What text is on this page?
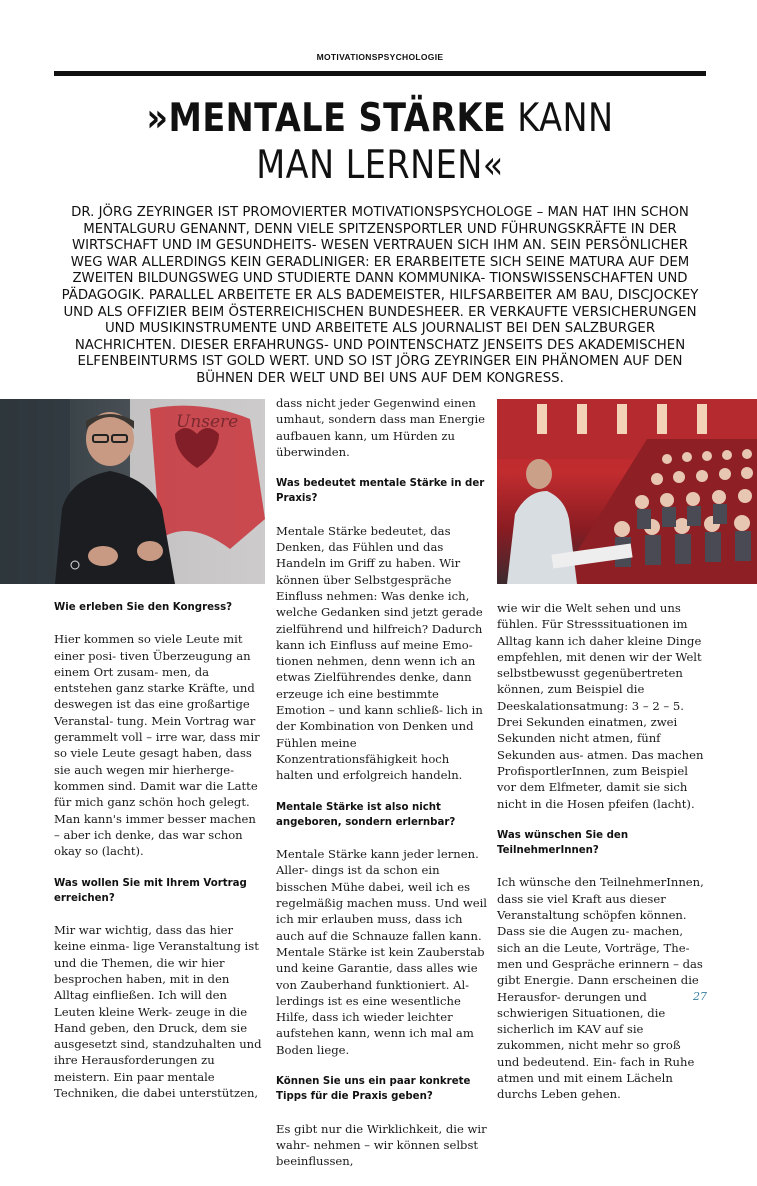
MOTIVATIONSPSYCHOLOGIE
»MENTALE STÄRKE KANN
MAN LERNEN«
DR. JÖRG ZEYRINGER IST PROMOVIERTER MOTIVATIONSPSYCHOLOGE – MAN HAT IHN SCHON MENTALGURU GENANNT, DENN VIELE SPITZENSPORTLER UND FÜHRUNGSKRÄFTE IN DER WIRTSCHAFT UND IM GESUNDHEITS- WESEN VERTRAUEN SICH IHM AN. SEIN PERSÖNLICHER WEG WAR ALLERDINGS KEIN GERADLINIGER: ER ERARBEITETE SICH SEINE MATURA AUF DEM ZWEITEN BILDUNGSWEG UND STUDIERTE DANN KOMMUNIKA- TIONSWISSENSCHAFTEN UND PÄDAGOGIK. PARALLEL ARBEITETE ER ALS BADEMEISTER, HILFSARBEITER AM BAU, DISCJOCKEY UND ALS OFFIZIER BEIM ÖSTERREICHISCHEN BUNDESHEER. ER VERKAUFTE VERSICHERUNGEN UND MUSIKINSTRUMENTE UND ARBEITETE ALS JOURNALIST BEI DEN SALZBURGER NACHRICHTEN. DIESER ERFAHRUNGS- UND POINTENSCHATZ JENSEITS DES AKADEMISCHEN ELFENBEINTURMS IST GOLD WERT. UND SO IST JÖRG ZEYRINGER EIN PHÄNOMEN AUF DEN BÜHNEN DER WELT UND BEI UNS AUF DEM KONGRESS.
Unsere
Wie erleben Sie den Kongress?

Hier kommen so viele Leute mit einer posi- tiven Überzeugung an einem Ort zusam- men, da entstehen ganz starke Kräfte, und deswegen ist das eine großartige Veranstal- tung. Mein Vortrag war gerammelt voll – irre war, dass mir so viele Leute gesagt haben, dass sie auch wegen mir hierherge- kommen sind. Damit war die Latte für mich ganz schön hoch gelegt. Man kann's immer besser machen – aber ich denke, das war schon okay so (lacht).

Was wollen Sie mit Ihrem Vortrag erreichen?

Mir war wichtig, dass das hier keine einma- lige Veranstaltung ist und die Themen, die wir hier besprochen haben, mit in den Alltag einfließen. Ich will den Leuten kleine Werk- zeuge in die Hand geben, den Druck, dem sie ausgesetzt sind, standzuhalten und ihre Herausforderungen zu meistern. Ein paar mentale Techniken, die dabei unterstützen,

dass nicht jeder Gegenwind einen umhaut, sondern dass man Energie aufbauen kann, um Hürden zu überwinden.

Was bedeutet mentale Stärke in der Praxis?

Mentale Stärke bedeutet, das Denken, das Fühlen und das Handeln im Griff zu haben. Wir können über Selbstgespräche Einfluss nehmen: Was denke ich, welche Gedanken sind jetzt gerade zielführend und hilfreich? Dadurch kann ich Einfluss auf meine Emo- tionen nehmen, denn wenn ich an etwas Zielführendes denke, dann erzeuge ich eine bestimmte Emotion – und kann schließ- lich in der Kombination von Denken und Fühlen meine Konzentrationsfähigkeit hoch halten und erfolgreich handeln.

Mentale Stärke ist also nicht angeboren, sondern erlernbar?

Mentale Stärke kann jeder lernen. Aller- dings ist da schon ein bisschen Mühe dabei, weil ich es regelmäßig machen muss. Und weil ich mir erlauben muss, dass ich auch auf die Schnauze fallen kann. Mentale Stärke ist kein Zauberstab und keine Garantie, dass alles wie von Zauberhand funktioniert. Al- lerdings ist es eine wesentliche Hilfe, dass ich wieder leichter aufstehen kann, wenn ich mal am Boden liege.

Können Sie uns ein paar konkrete Tipps für die Praxis geben?

Es gibt nur die Wirklichkeit, die wir wahr- nehmen – wir können selbst beeinflussen,

wie wir die Welt sehen und uns fühlen. Für Stresssituationen im Alltag kann ich daher kleine Dinge empfehlen, mit denen wir der Welt selbstbewusst gegenübertreten können, zum Beispiel die Deeskalationsatmung: 3 – 2 – 5. Drei Sekunden einatmen, zwei Sekunden nicht atmen, fünf Sekunden aus- atmen. Das machen ProfisportlerInnen, zum Beispiel vor dem Elfmeter, damit sie sich nicht in die Hosen pfeifen (lacht).

Was wünschen Sie den TeilnehmerInnen?

Ich wünsche den TeilnehmerInnen, dass sie viel Kraft aus dieser Veranstaltung schöpfen können. Dass sie die Augen zu- machen, sich an die Leute, Vorträge, The- men und Gespräche erinnern – das gibt Energie. Dann erscheinen die Herausfor- derungen und schwierigen Situationen, die sicherlich im KAV auf sie zukommen, nicht mehr so groß und bedeutend. Ein- fach in Ruhe atmen und mit einem Lächeln durchs Leben gehen.

27
